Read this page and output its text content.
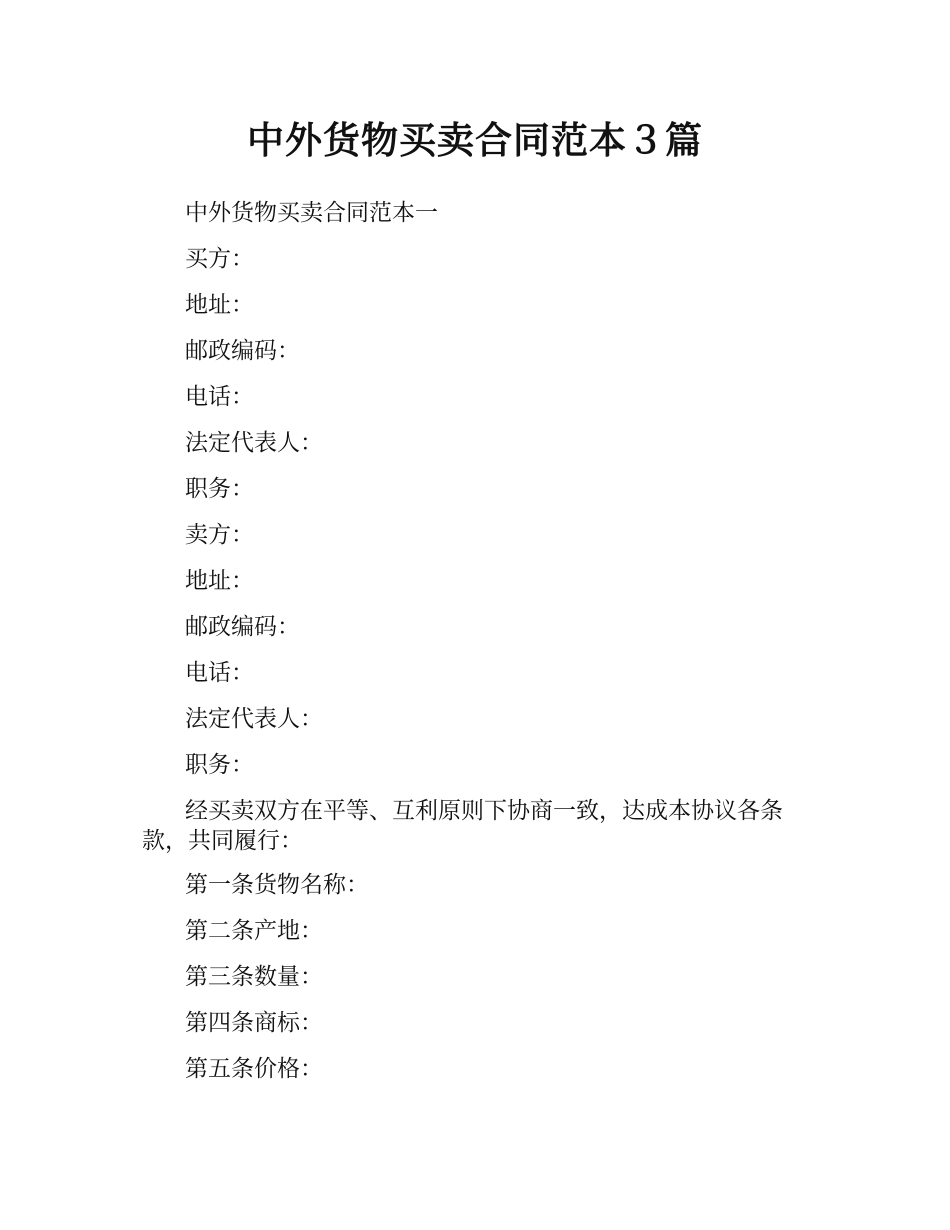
中外货物买卖合同范本３篇

中外货物买卖合同范本一

买方：

地址：

邮政编码：

电话：

法定代表人：

职务：

卖方：

地址：

邮政编码：

电话：

法定代表人：

职务：

经买卖双方在平等、互利原则下协商一致，达成本协议各条款，共同履行：

第一条货物名称：

第二条产地：

第三条数量：

第四条商标：

第五条价格：
